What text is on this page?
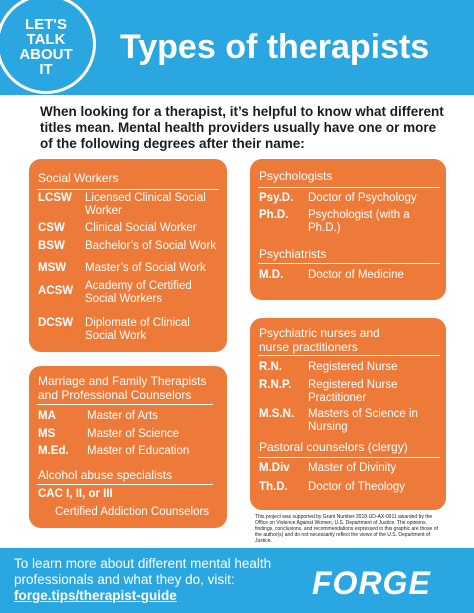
LET'S
TALK
ABOUT
IT
Types of therapists
When looking for a therapist, it’s helpful to know what different titles mean. Mental health providers usually have one or more of the following degrees after their name:
Social Workers
LCSW Licensed Clinical Social
Worker
CSW Clinical Social Worker
BSW Bachelor’s of Social Work
MSW Master’s of Social Work
ACSW Academy of Certified
Social Workers
DCSW Diplomate of Clinical
Social Work
Marriage and Family Therapists
and Professional Counselors
MA	Master of Arts
MS	Master of Science
M.Ed. Master of Education
Alcohol abuse specialists
CAC I, II, or III
Certified Addiction Counselors
Psychologists
Psy.D. Doctor of Psychology
Ph.D. Psychologist (with a
Ph.D.)
Psychiatrists
M.D. Doctor of Medicine
Psychiatric nurses and
nurse practitioners
R.N. Registered Nurse
R.N.P. Registered Nurse
Practitioner
M.S.N. Masters of Science in
Nursing
Pastoral counselors (clergy)
M.Div Master of Divinity
Th.D. Doctor of Theology
This project was supported by Grant Number 2018-UD-AX-0011 awarded by the Office on Violence Against Women, U.S. Department of Justice. The opinions, findings, conclusions, and recommendations expressed in this graphic are those of the author(s) and do not necessarily reflect the views of the U.S. Department of Justice.
To learn more about different mental health professionals and what they do, visit: forge.tips/therapist-guide	FORGE
